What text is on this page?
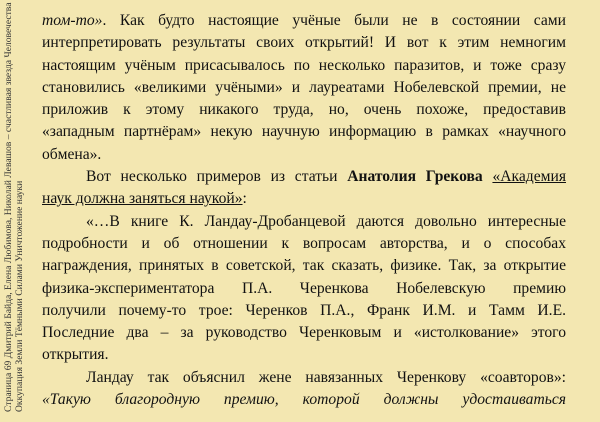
Страница 69 Дмитрий Байда, Елена Любимова, Николай Левашов – счастливая звезда Человечества Оккупация Земли Тёмными Силами Уничтожение науки
том-то». Как будто настоящие учёные были не в состоянии сами
интерпретировать результаты своих открытий! И вот к этим немногим
настоящим учёным присасывалось по несколько паразитов, и тоже сразу
становились «великими учёными» и лауреатами Нобелевской премии, не
приложив к этому никакого труда, но, очень похоже, предоставив
«западным партнёрам» некую научную информацию в рамках «научного
обмена».
Вот несколько примеров из статьи Анатолия Грекова «Академия
наук должна заняться наукой»:
«…В книге К. Ландау-Дробанцевой даются довольно интересные
подробности и об отношении к вопросам авторства, и о способах
награждения, принятых в советской, так сказать, физике. Так, за открытие
физика-экспериментатора П.А. Черенкова Нобелевскую премию
получили почему-то трое: Черенков П.А., Франк И.М. и Тамм И.Е.
Последние два – за руководство Черенковым и «истолкование» этого
открытия.
Ландау так объяснил жене навязанных Черенкову «соавторов»:
«Такую благородную премию, которой должны удостаиваться
